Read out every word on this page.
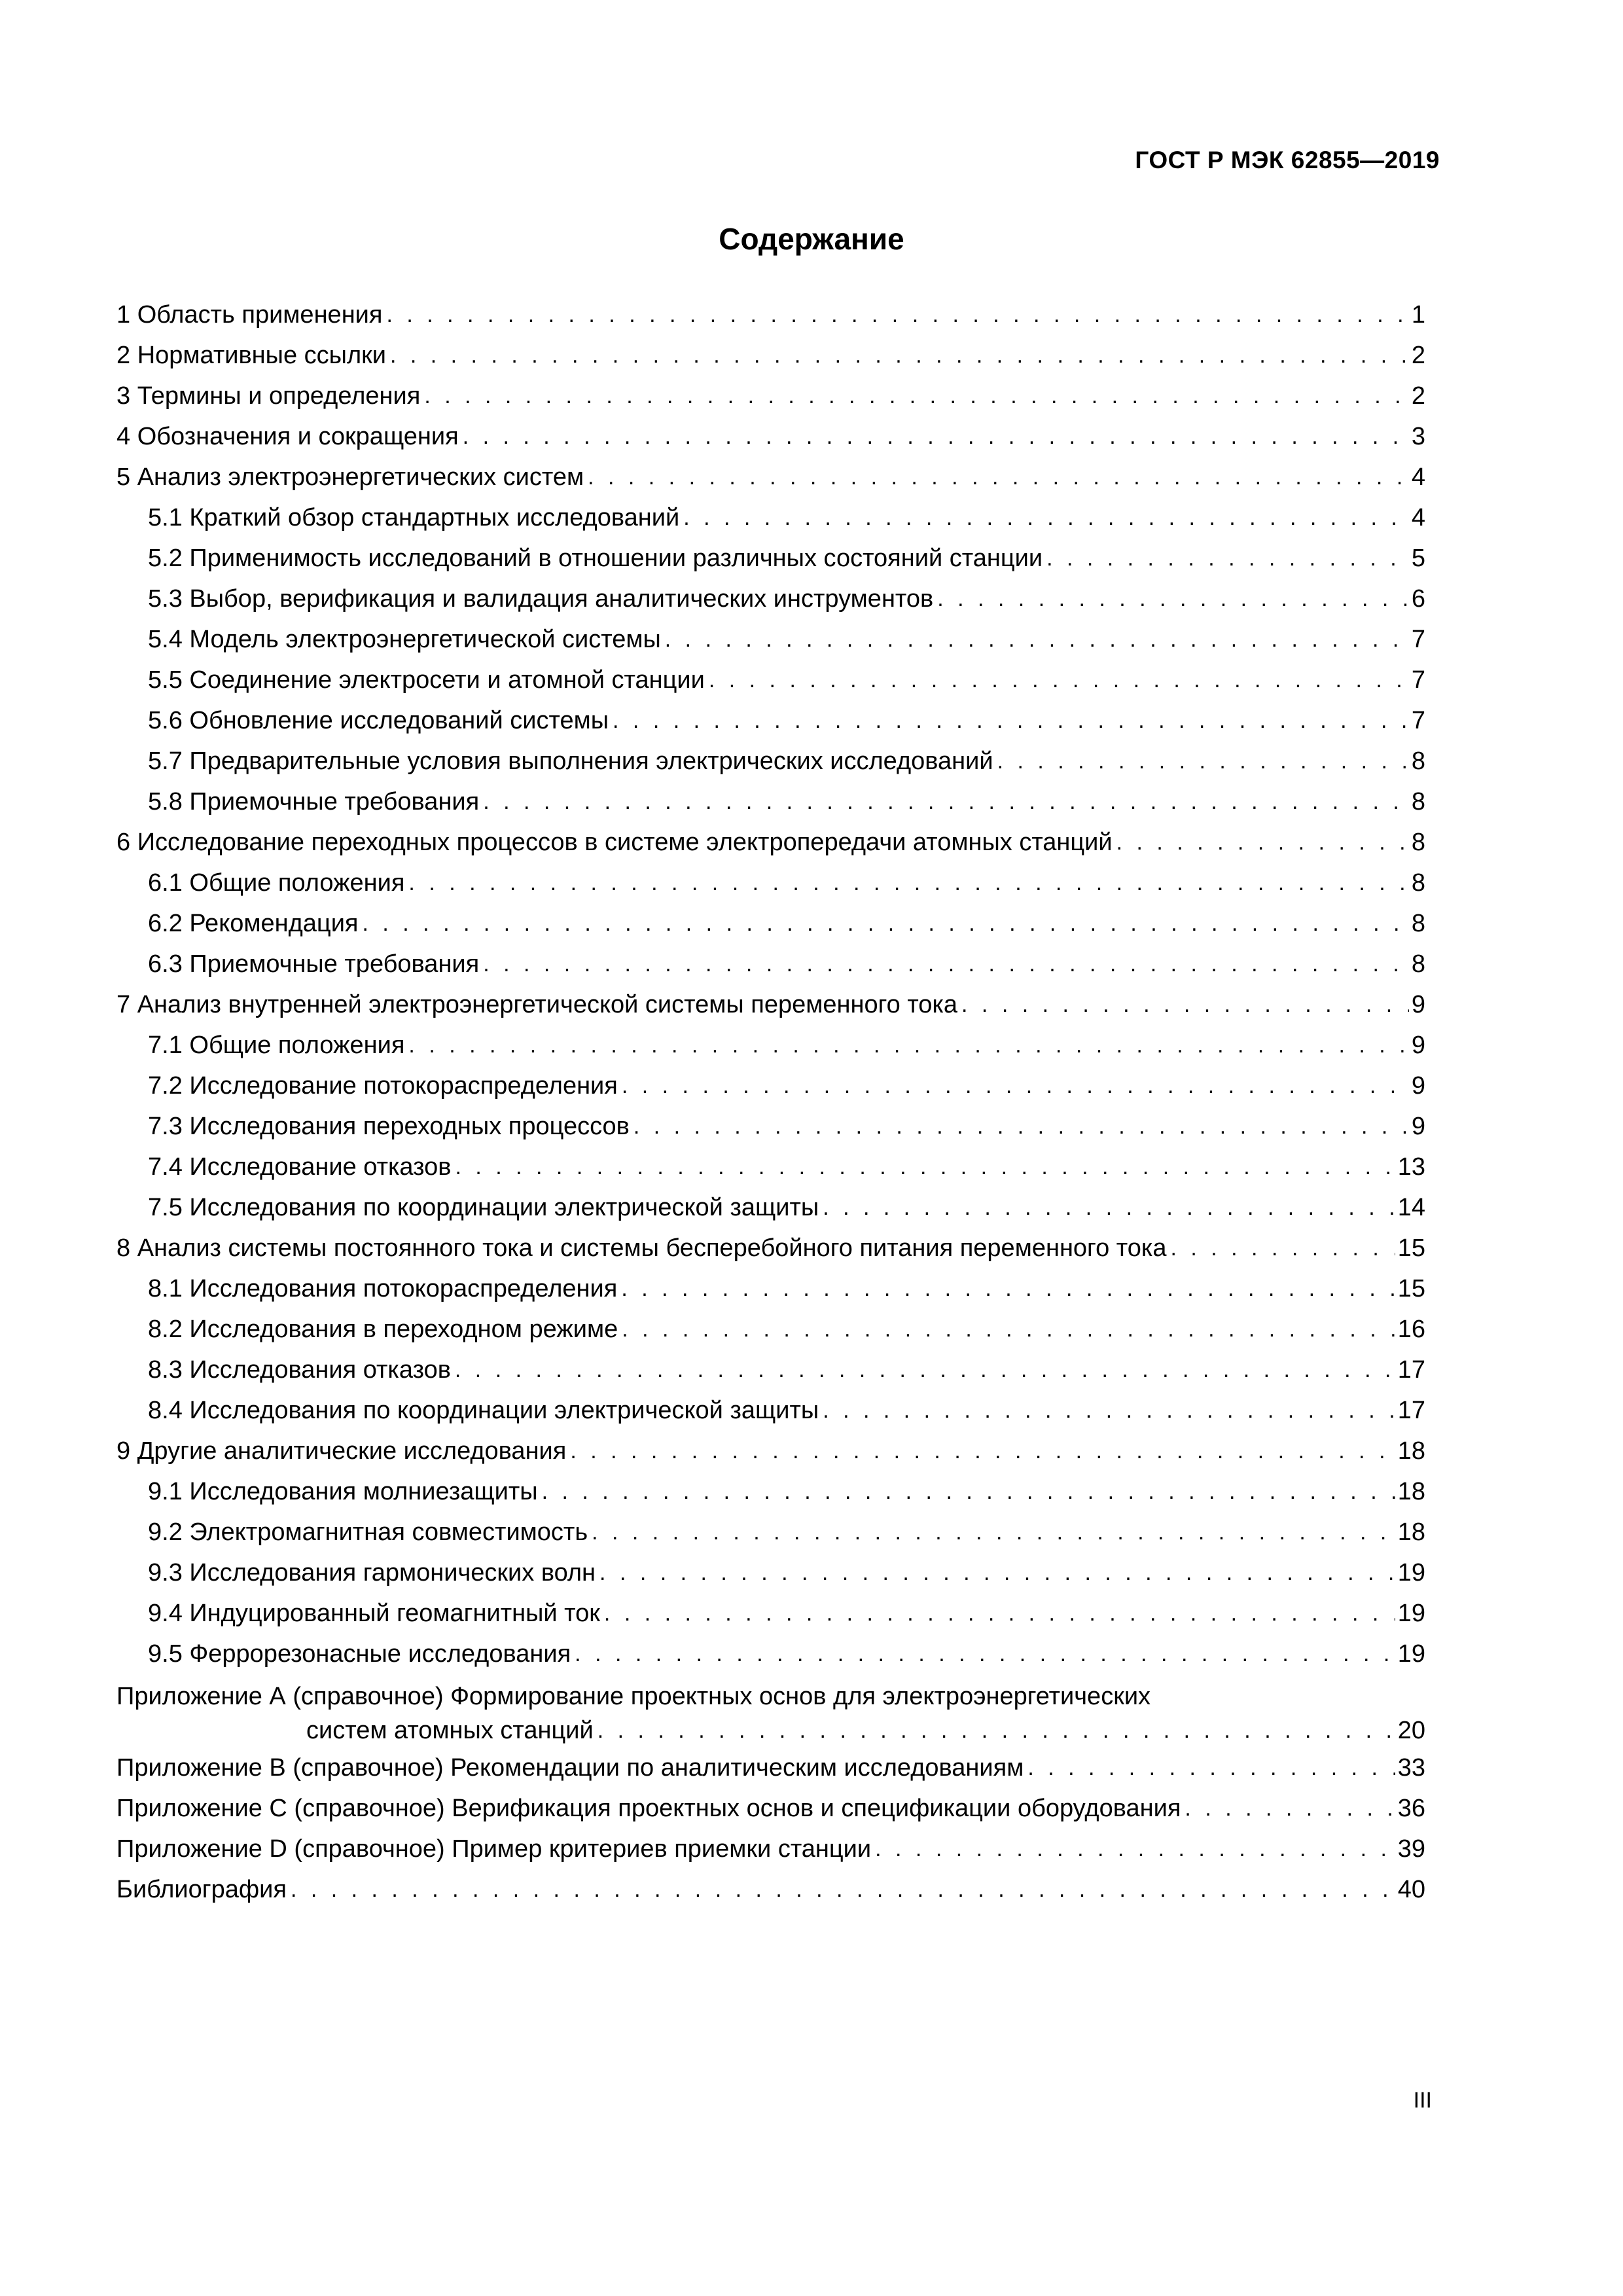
ГОСТ Р МЭК 62855—2019
Содержание
1 Область применения . . .	1
2 Нормативные ссылки . . .	2
3 Термины и определения . . .	2
4 Обозначения и сокращения . . .	3
5 Анализ электроэнергетических систем . . .	4
5.1 Краткий обзор стандартных исследований . . .	4
5.2 Применимость исследований в отношении различных состояний станции . . .	5
5.3 Выбор, верификация и валидация аналитических инструментов . . .	6
5.4 Модель электроэнергетической системы . . .	7
5.5 Соединение электросети и атомной станции . . .	7
5.6 Обновление исследований системы . . .	7
5.7 Предварительные условия выполнения электрических исследований . . .	8
5.8 Приемочные требования . . .	8
6 Исследование переходных процессов в системе электропередачи атомных станций . . .	8
6.1 Общие положения . . .	8
6.2 Рекомендация . . .	8
6.3 Приемочные требования . . .	8
7 Анализ внутренней электроэнергетической системы переменного тока . . .	9
7.1 Общие положения . . .	9
7.2 Исследование потокораспределения . . .	9
7.3 Исследования переходных процессов . . .	9
7.4 Исследование отказов . . .	13
7.5 Исследования по координации электрической защиты . . .	14
8 Анализ системы постоянного тока и системы бесперебойного питания переменного тока . . .	15
8.1 Исследования потокораспределения . . .	15
8.2 Исследования в переходном режиме . . .	16
8.3 Исследования отказов . . .	17
8.4 Исследования по координации электрической защиты . . .	17
9 Другие аналитические исследования . . .	18
9.1 Исследования молниезащиты . . .	18
9.2 Электромагнитная совместимость . . .	18
9.3 Исследования гармонических волн . . .	19
9.4 Индуцированный геомагнитный ток . . .	19
9.5 Феррорезонасные исследования . . .	19
Приложение А (справочное) Формирование проектных основ для электроэнергетических
систем атомных станций . . .	20
Приложение В (справочное) Рекомендации по аналитическим исследованиям . . .	33
Приложение С (справочное) Верификация проектных основ и спецификации оборудования . . .	36
Приложение D (справочное) Пример критериев приемки станции . . .	39
Библиография . . .	40
III
